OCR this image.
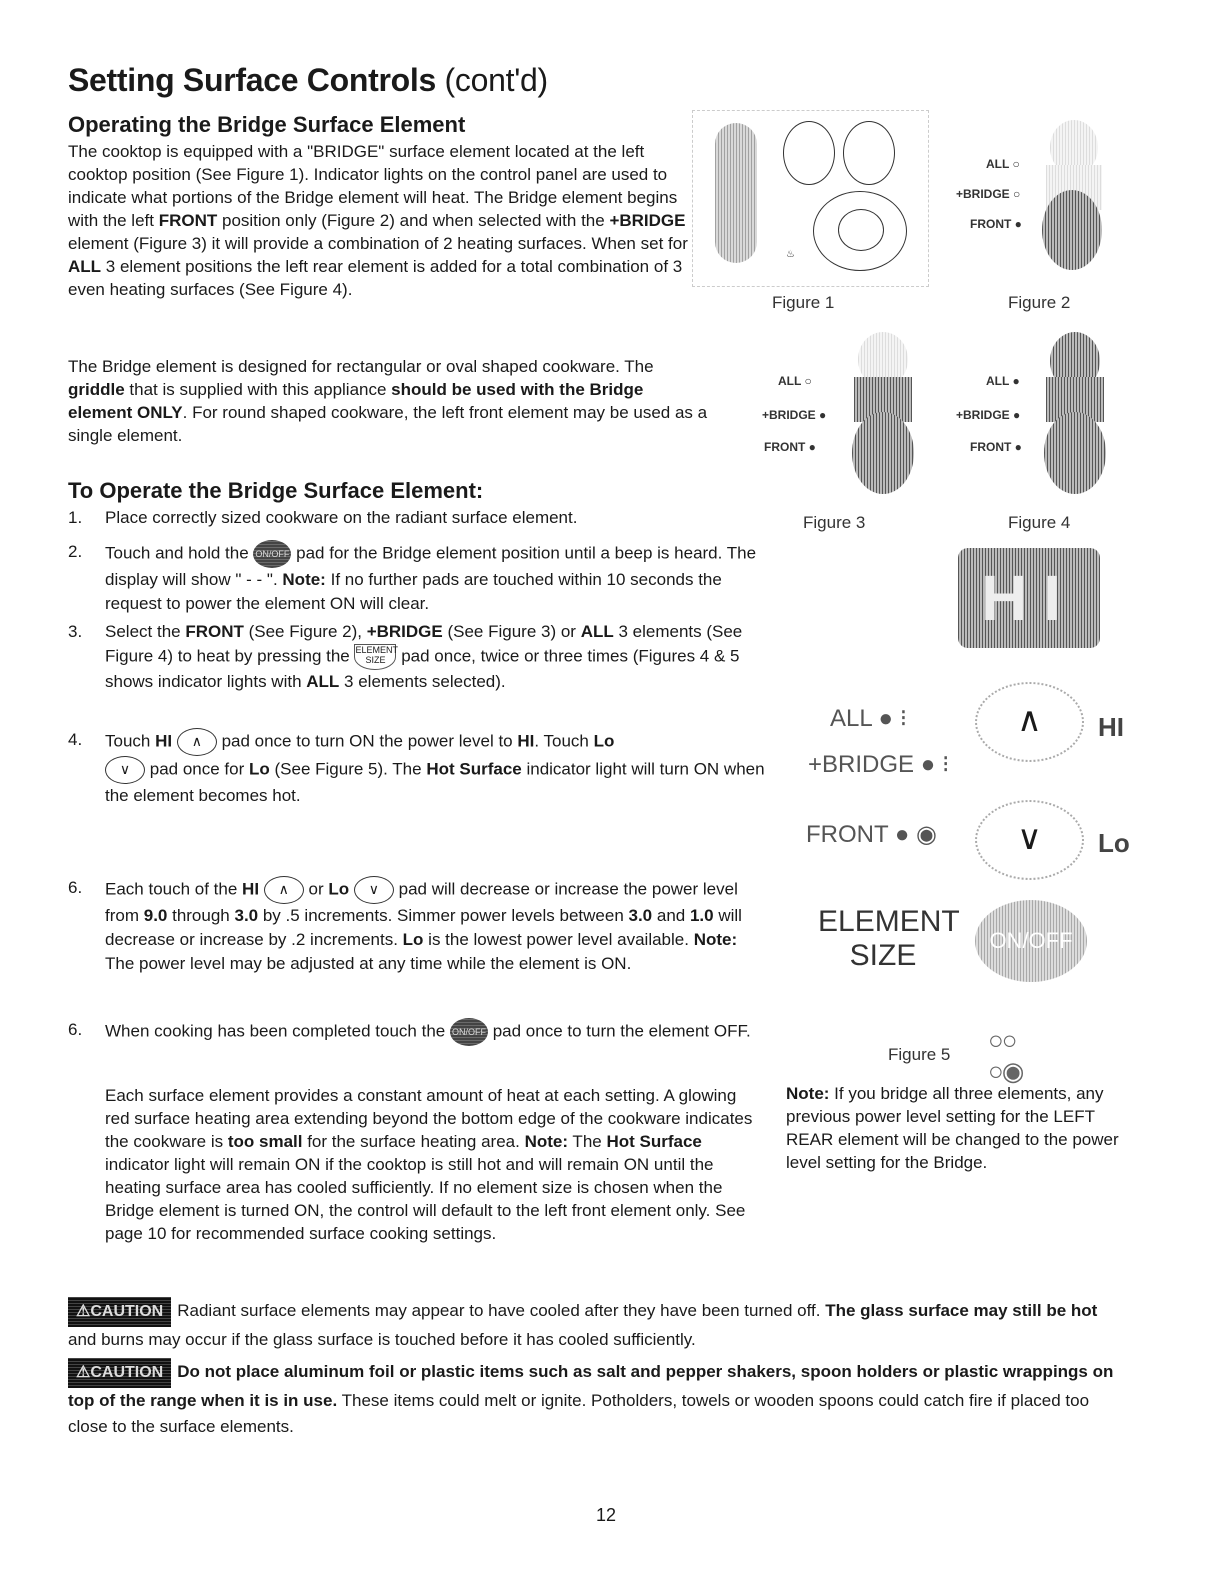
Setting Surface Controls (cont'd)
Operating the Bridge Surface Element

The cooktop is equipped with a "BRIDGE" surface element located at the left cooktop position (See Figure 1). Indicator lights on the control panel are used to indicate what portions of the Bridge element will heat. The Bridge element begins with the left FRONT position only (Figure 2) and when selected with the +BRIDGE element (Figure 3) it will provide a combination of 2 heating surfaces. When set for ALL 3 element positions the left rear element is added for a total combination of 3 even heating surfaces (See Figure 4).

The Bridge element is designed for rectangular or oval shaped cookware. The griddle that is supplied with this appliance should be used with the Bridge element ONLY. For round shaped cookware, the left front element may be used as a single element.

To Operate the Bridge Surface Element:
1.	Place correctly sized cookware on the radiant surface element.
2.	Touch and hold the ON/OFF pad for the Bridge element position until a beep is heard. The display will show " - - ". Note: If no further pads are touched within 10 seconds the request to power the element ON will clear.
3.	Select the FRONT (See Figure 2), +BRIDGE (See Figure 3) or ALL 3 elements (See Figure 4) to heat by pressing the ELEMENT
SIZE pad once, twice or three times (Figures 4 & 5 shows indicator lights with ALL 3 elements selected).
4.	Touch HI ∧ pad once to turn ON the power level to HI. Touch Lo
∨ pad once for Lo (See Figure 5). The Hot Surface indicator light will turn ON when the element becomes hot.
6.	Each touch of the HI ∧ or Lo ∨ pad will decrease or increase the power level from 9.0 through 3.0 by .5 increments. Simmer power levels between 3.0 and 1.0 will decrease or increase by .2 increments. Lo is the lowest power level available. Note: The power level may be adjusted at any time while the element is ON.
6.	When cooking has been completed touch the ON/OFF pad once to turn the element OFF.

Each surface element provides a constant amount of heat at each setting. A glowing red surface heating area extending beyond the bottom edge of the cookware indicates the cookware is too small for the surface heating area. Note: The Hot Surface indicator light will remain ON if the cooktop is still hot and will remain ON until the heating surface area has cooled sufficiently. If no element size is chosen when the Bridge element is turned ON, the control will default to the left front element only. See page 10 for recommended surface cooking settings.

♨
Figure 1
ALL ○
+BRIDGE ○
FRONT ●
Figure 2
ALL ○
+BRIDGE ●
FRONT ●
Figure 3
ALL ●
+BRIDGE ●
FRONT ●
Figure 4
HI
ALL ● ⁝
+BRIDGE ● ⁝
FRONT ● ◉
∧	HI
∨	Lo
ELEMENT
SIZE	ON/OFF
Figure 5 ○○
○◉

Note: If you bridge all three elements, any previous power level setting for the LEFT REAR element will be changed to the power level setting for the Bridge.

⚠CAUTION Radiant surface elements may appear to have cooled after they have been turned off. The glass surface may still be hot and burns may occur if the glass surface is touched before it has cooled sufficiently.
⚠CAUTION Do not place aluminum foil or plastic items such as salt and pepper shakers, spoon holders or plastic wrappings on top of the range when it is in use. These items could melt or ignite. Potholders, towels or wooden spoons could catch fire if placed too close to the surface elements.
12
